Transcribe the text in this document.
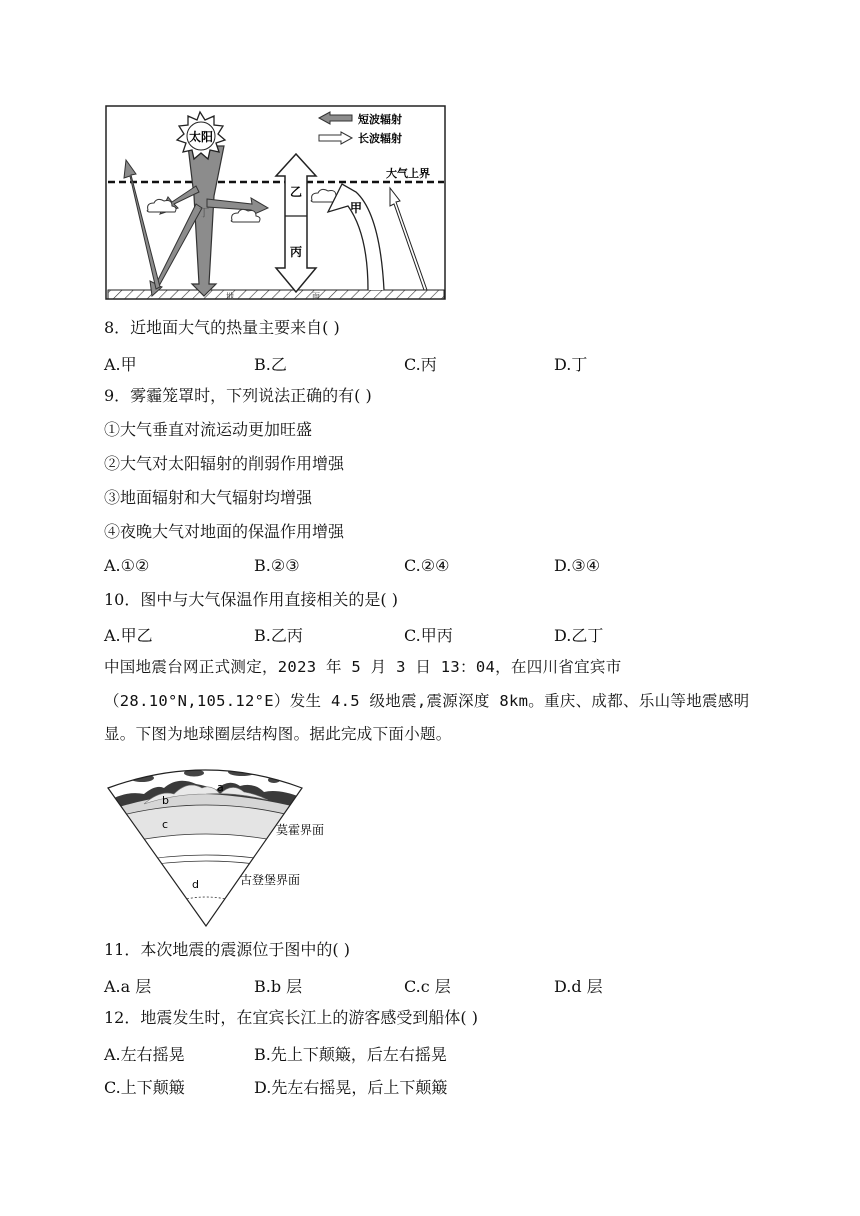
太阳
乙
丙
甲
丁
短波辐射
长波辐射
大气上界
地	面
8．近地面大气的热量主要来自( )
A.甲	B.乙	C.丙	D.丁
9．雾霾笼罩时，下列说法正确的有( )
①大气垂直对流运动更加旺盛
②大气对太阳辐射的削弱作用增强
③地面辐射和大气辐射均增强
④夜晚大气对地面的保温作用增强
A.①②	B.②③	C.②④	D.③④
10．图中与大气保温作用直接相关的是( )
A.甲乙	B.乙丙	C.甲丙	D.乙丁
中国地震台网正式测定，2023 年 5 月 3 日 13：04，在四川省宜宾市
（28.10°N,105.12°E）发生 4.5 级地震,震源深度 8km。重庆、成都、乐山等地震感明
显。下图为地球圈层结构图。据此完成下面小题。
a
b
c
d
莫霍界面
古登堡界面
11．本次地震的震源位于图中的( )
A.a 层	B.b 层	C.c 层	D.d 层
12．地震发生时，在宜宾长江上的游客感受到船体( )
A.左右摇晃	B.先上下颠簸，后左右摇晃
C.上下颠簸	D.先左右摇晃，后上下颠簸
